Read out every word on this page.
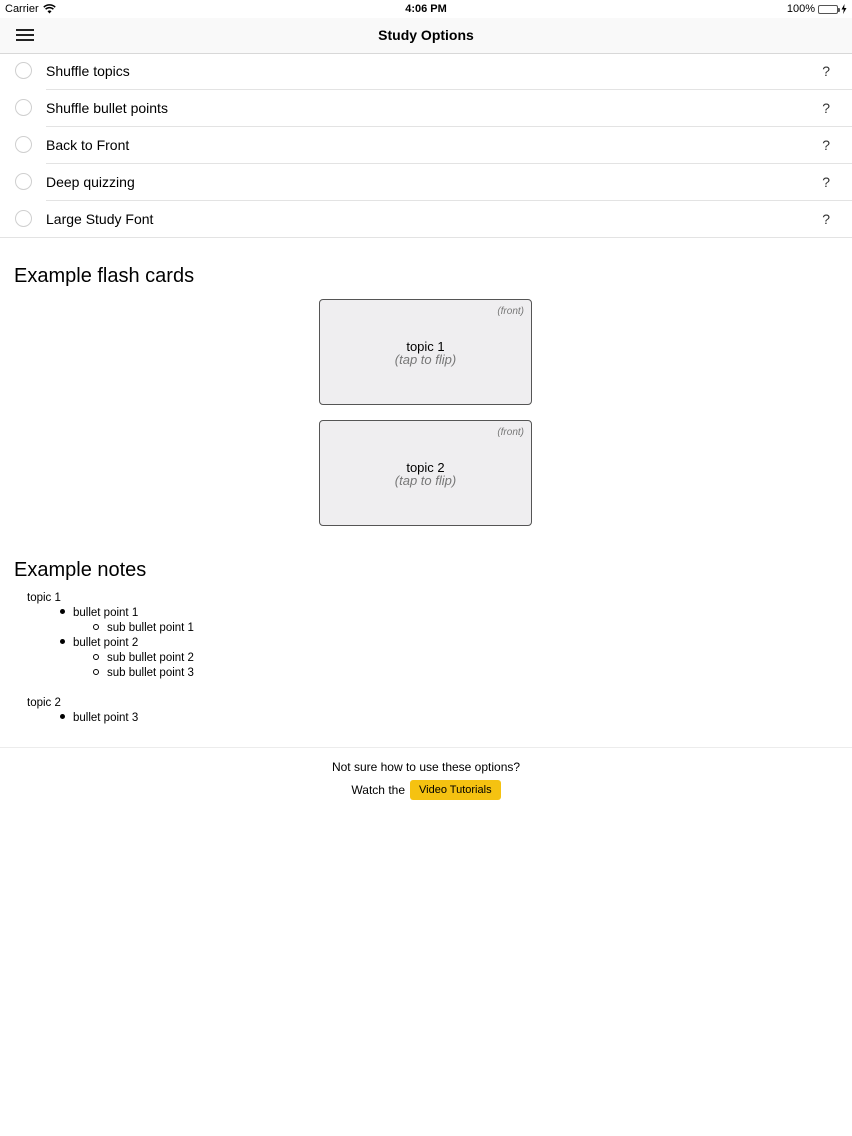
Carrier	4:06 PM	100%
Study Options
Shuffle topics	?
Shuffle bullet points	?
Back to Front	?
Deep quizzing	?
Large Study Font	?
Example flash cards
(front)
topic 1
(tap to flip)
(front)
topic 2
(tap to flip)
Example notes
topic 1
bullet point 1
sub bullet point 1
bullet point 2
sub bullet point 2
sub bullet point 3
topic 2
bullet point 3
Not sure how to use these options?
Watch the	Video Tutorials
